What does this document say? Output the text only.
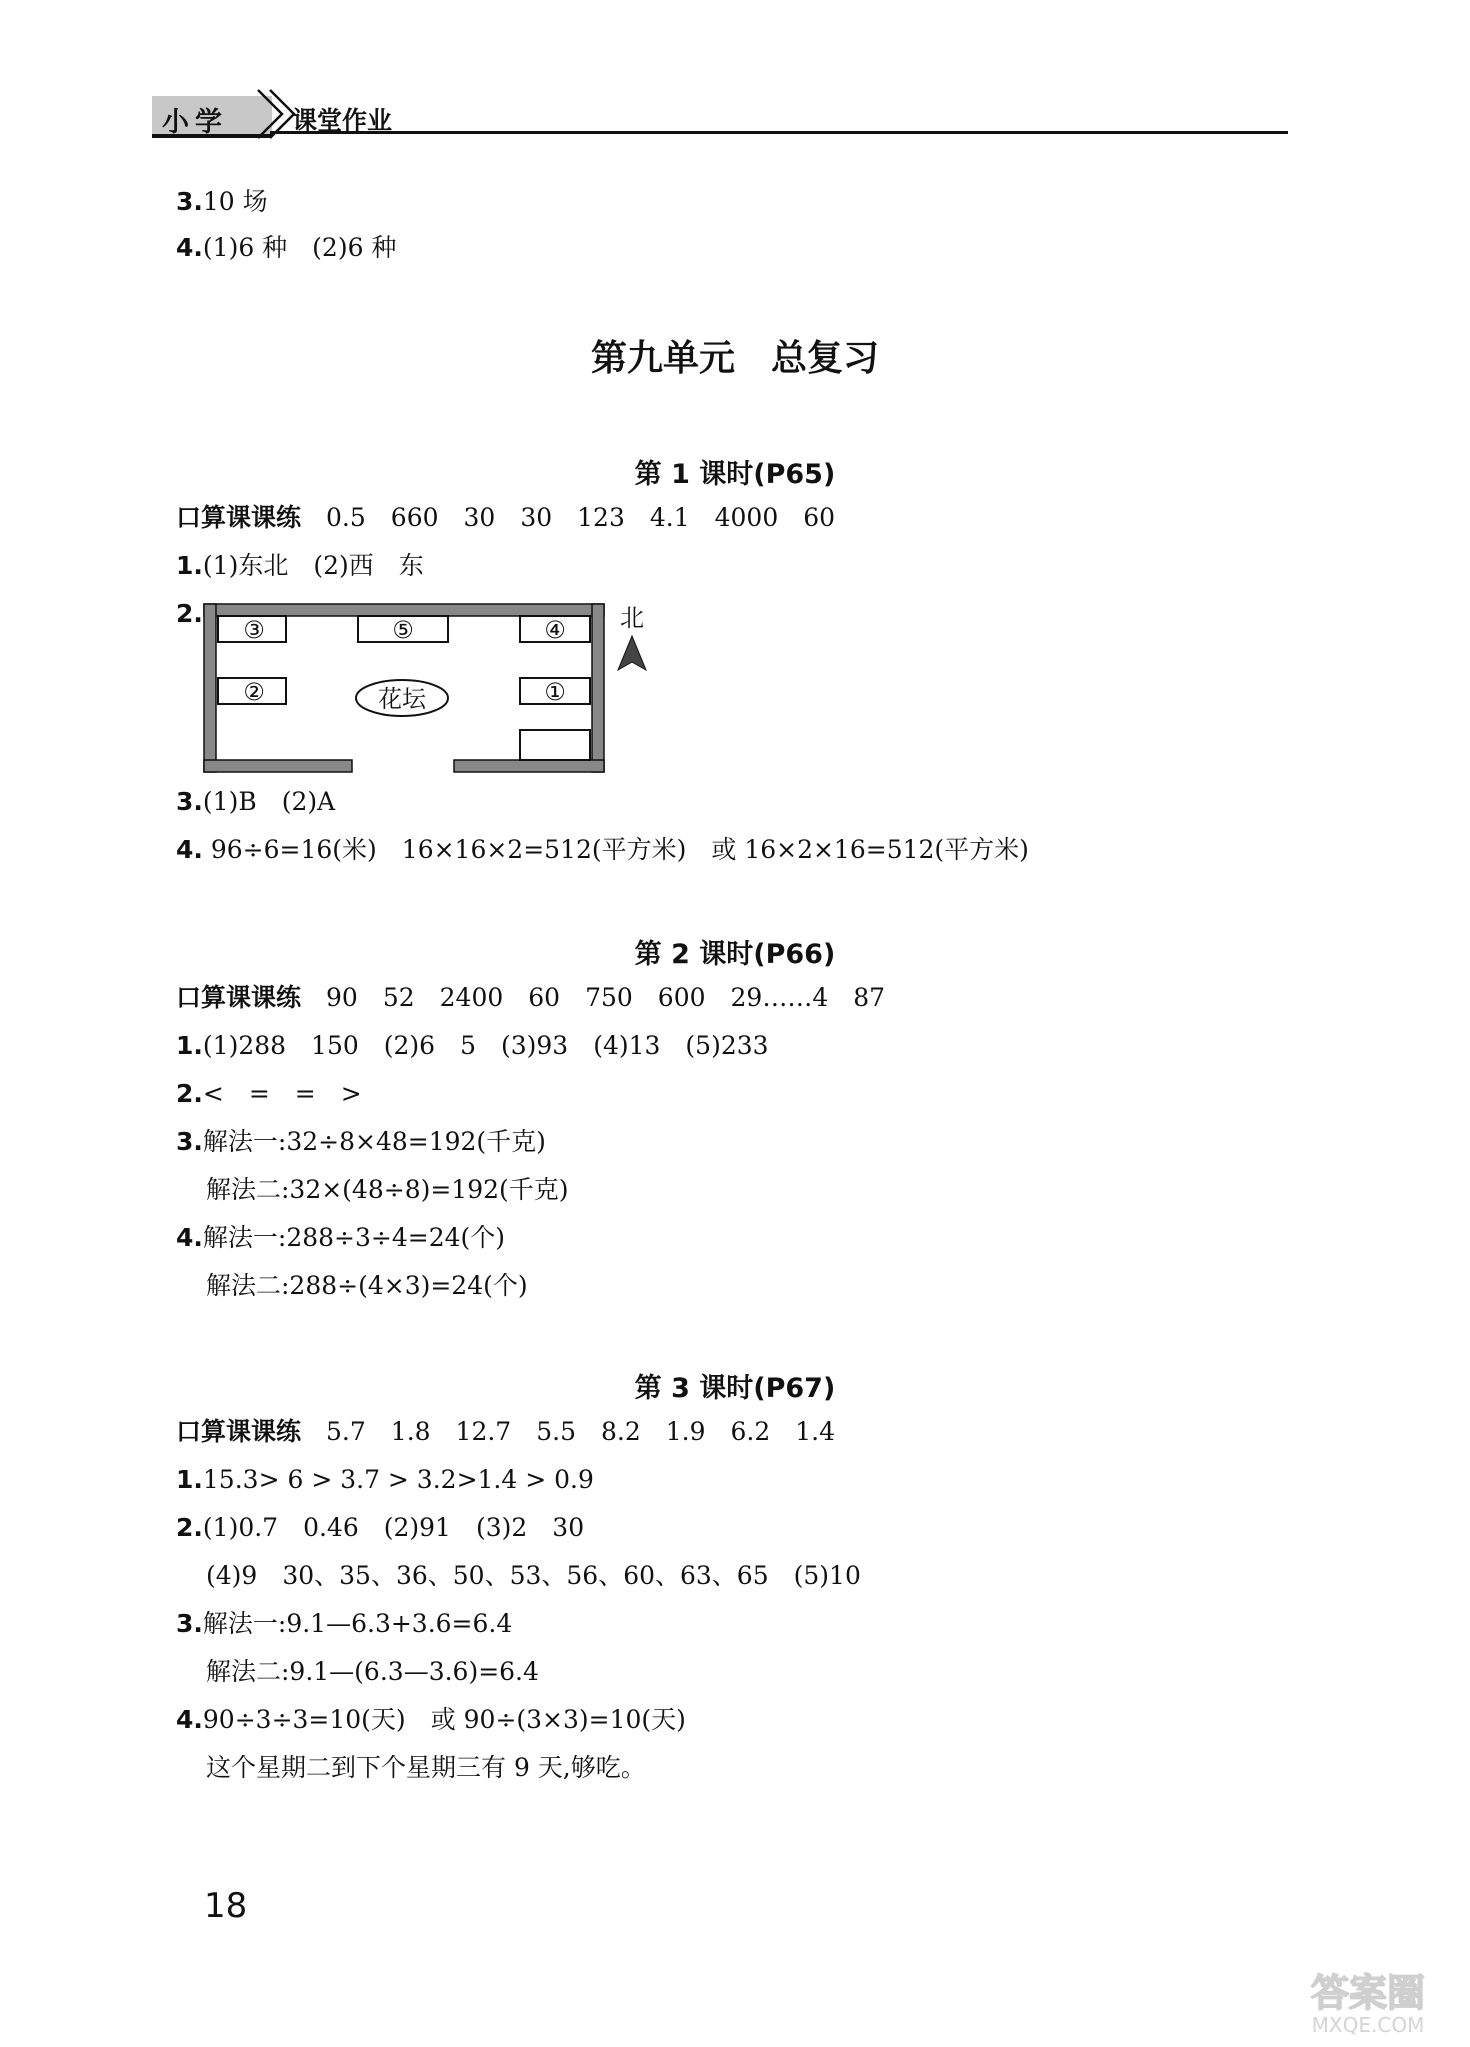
小学	课堂作业
3.10 场
4.(1)6 种　(2)6 种
第九单元　总复习
第 1 课时(P65)
口算课课练　 0.5　660　30　30　123　4.1　4000　60
1.(1)东北　(2)西　东
2.
③	⑤	④
②	①
花坛
北
3.(1)B　(2)A
4. 96÷6=16(米)　16×16×2=512(平方米)　或 16×2×16=512(平方米)
第 2 课时(P66)
口算课课练　 90　52　2400　60　750　600　29……4　87
1.(1)288　150　(2)6　5　(3)93　(4)13　(5)233
2.<　=　=　>
3.解法一:32÷8×48=192(千克)
解法二:32×(48÷8)=192(千克)
4.解法一:288÷3÷4=24(个)
解法二:288÷(4×3)=24(个)
第 3 课时(P67)
口算课课练　 5.7　1.8　12.7　5.5　8.2　1.9　6.2　1.4
1.15.3> 6 > 3.7 > 3.2>1.4 > 0.9
2.(1)0.7　0.46　(2)91　(3)2　30
(4)9　30、35、36、50、53、56、60、63、65　(5)10
3.解法一:9.1—6.3+3.6=6.4
解法二:9.1—(6.3—3.6)=6.4
4.90÷3÷3=10(天)　或 90÷(3×3)=10(天)
这个星期二到下个星期三有 9 天,够吃。
18
答案圈
MXQE.COM
